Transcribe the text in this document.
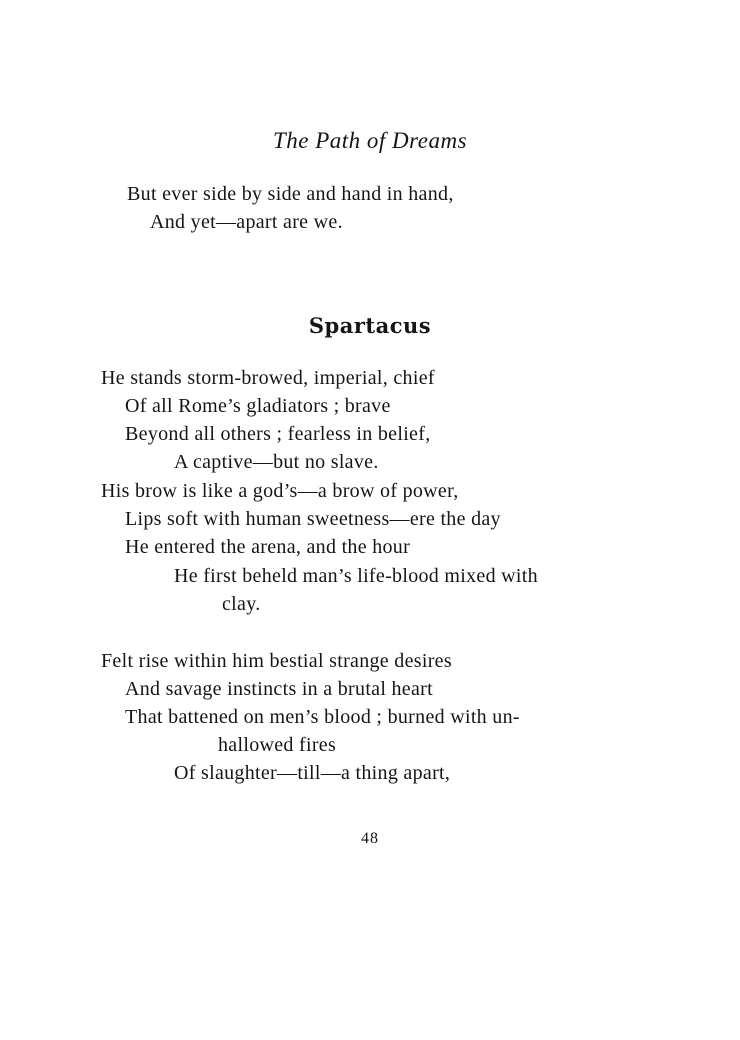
The Path of Dreams
But ever side by side and hand in hand,
And yet—apart are we.
Spartacus
He stands storm-browed, imperial, chief
Of all Rome’s gladiators ; brave
Beyond all others ; fearless in belief,
A captive—but no slave.
His brow is like a god’s—a brow of power,
Lips soft with human sweetness—ere the day
He entered the arena, and the hour
He first beheld man’s life-blood mixed with
clay.
Felt rise within him bestial strange desires
And savage instincts in a brutal heart
That battened on men’s blood ; burned with un-
hallowed fires
Of slaughter—till—a thing apart,
48
